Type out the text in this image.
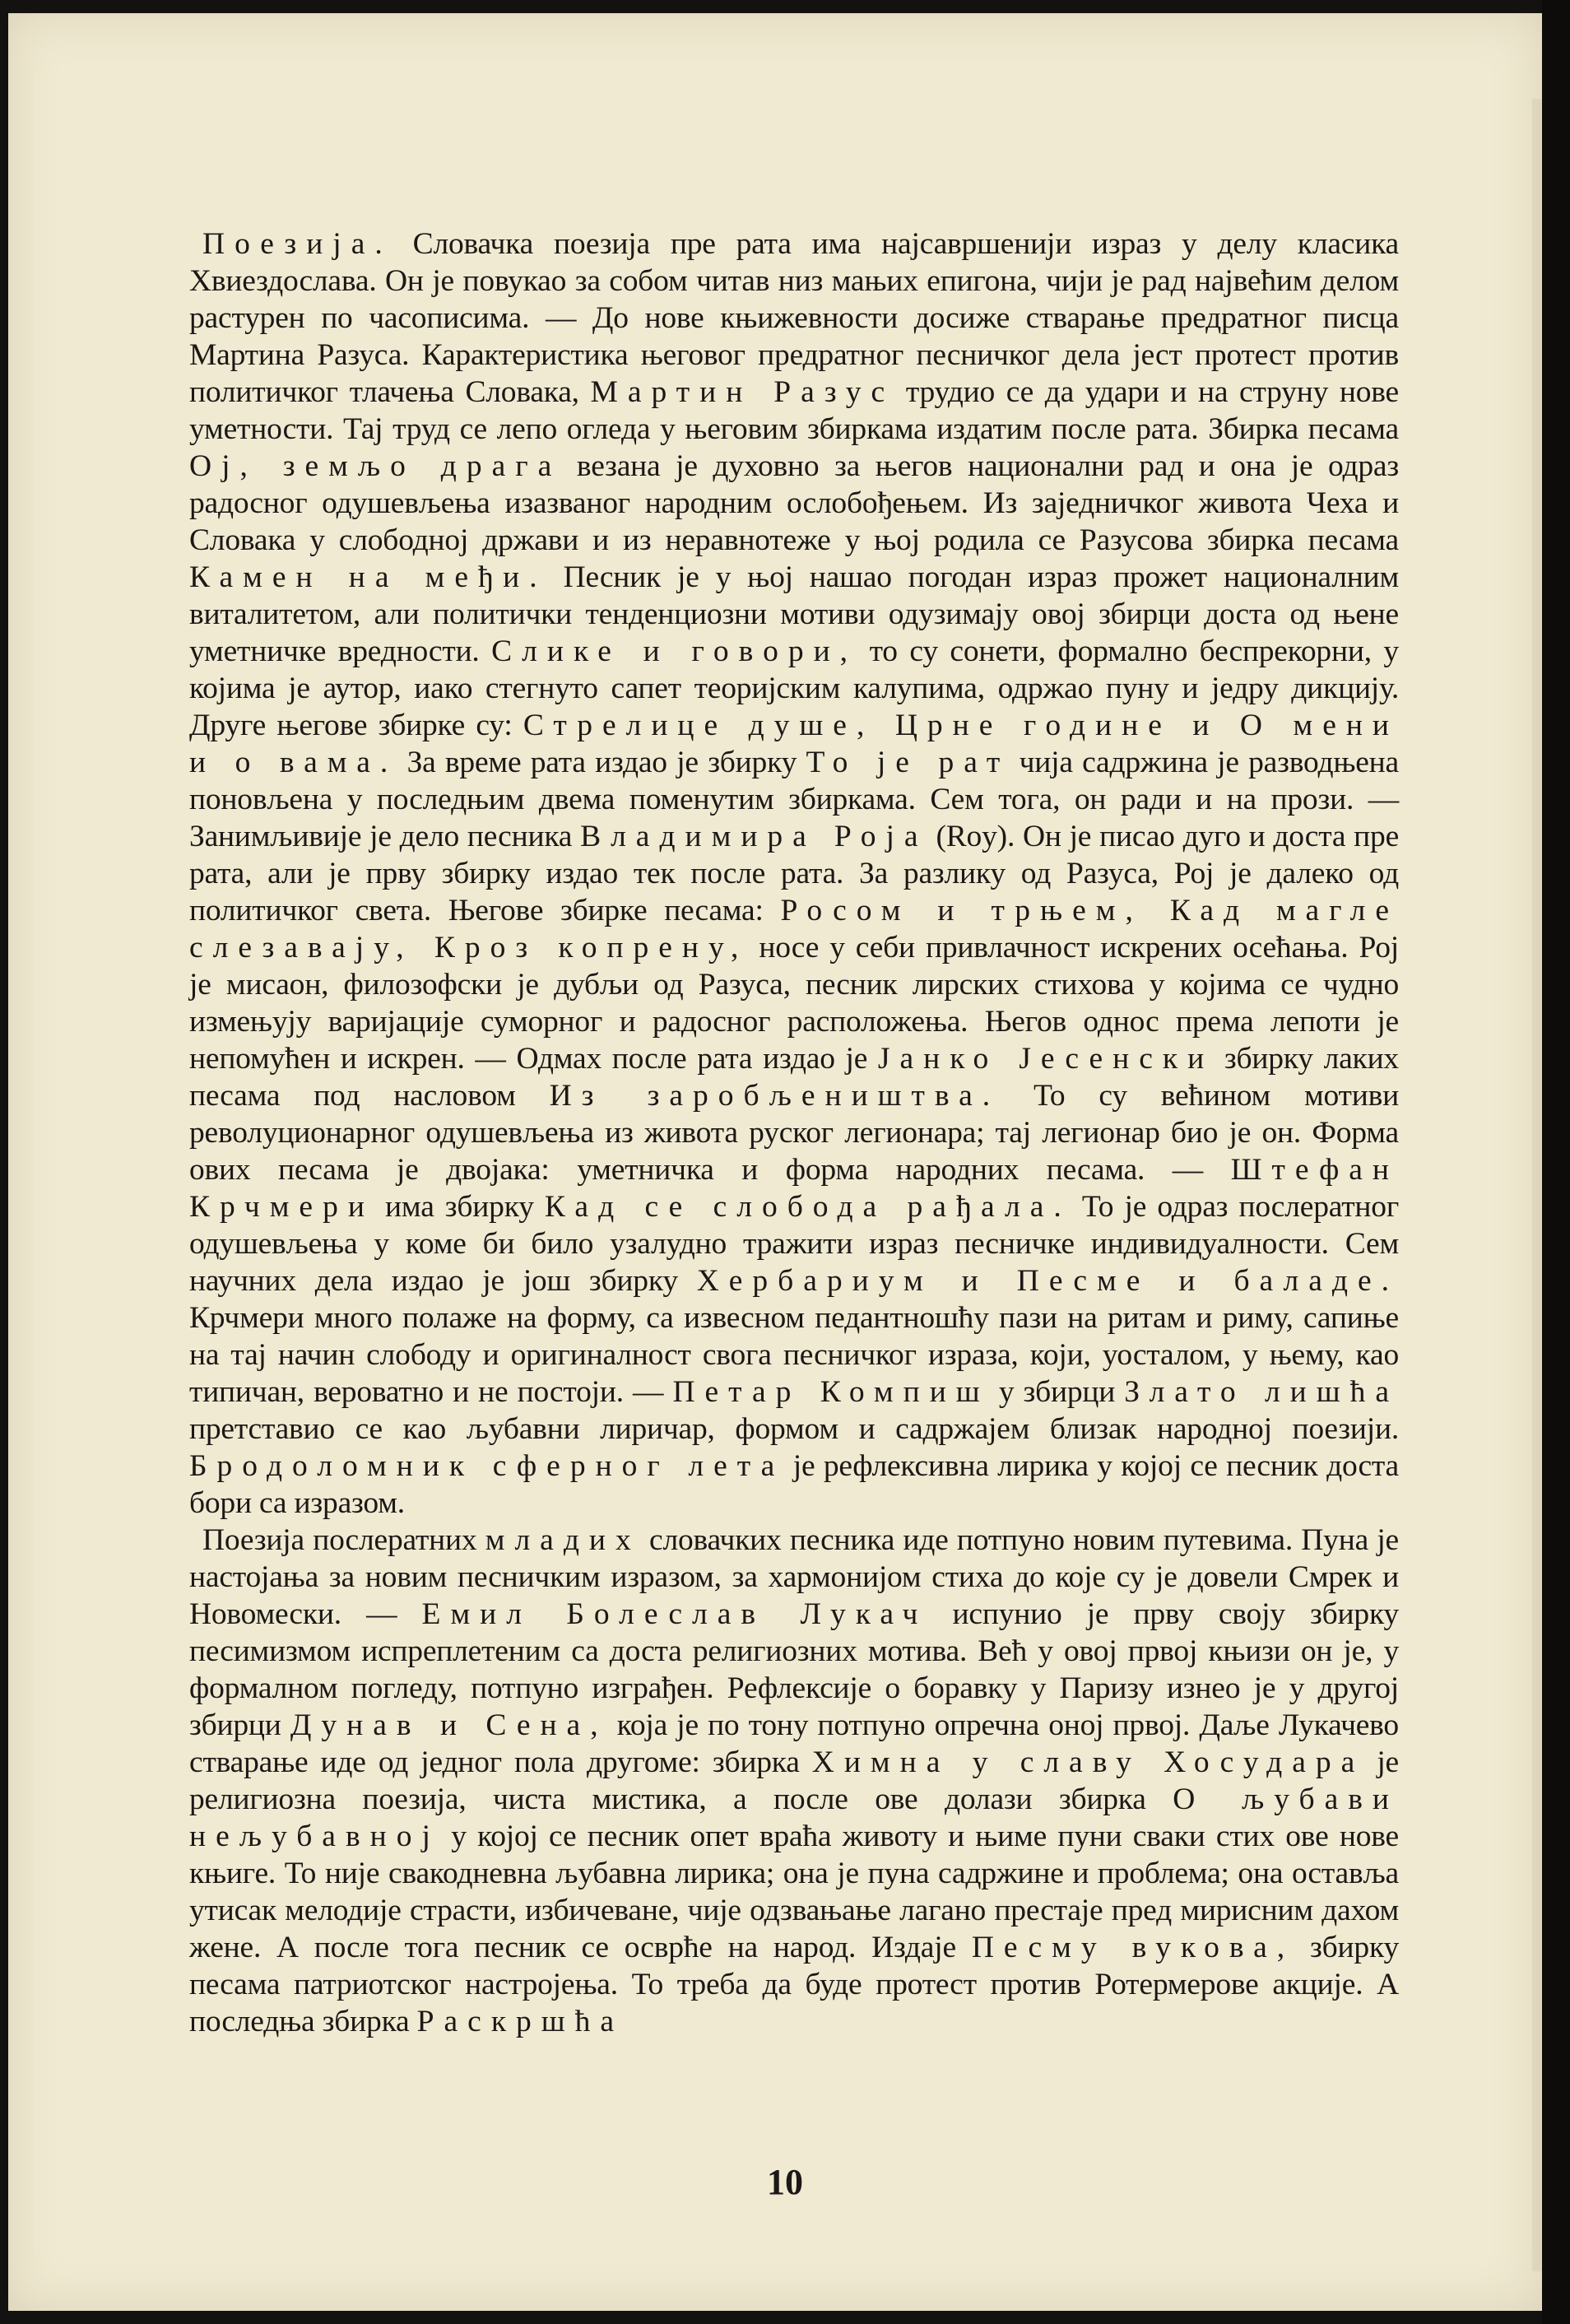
Поезија. Словачка поезија пре рата има најсавршенији израз у делу класика Хвиездослава. Он је повукао за собом читав низ мањих епигона, чији је рад највећим делом растурен по часописима. — До нове књижевности досиже стварање предратног писца Мартина Разуса. Карактеристика његовог предратног песничког дела јест протест против политичког тлачења Словака, Мартин Разус трудио се да удари и на струну нове уметности. Тај труд се лепо огледа у његовим збиркама издатим после рата. Збирка песама Ој, земљо драга везана је духовно за његов национални рад и она је одраз радосног одушевљења изазваног народним ослобођењем. Из заједничког живота Чеха и Словака у слободној држави и из неравнотеже у њој родила се Разусова збирка песама Камен на међи. Песник је у њој нашао погодан израз прожет националним виталитетом, али политички тенденциозни мотиви одузимају овој збирци доста од њене уметничке вредности. Слике и говори, то су сонети, формално беспрекорни, у којима је аутор, иако стегнуто сапет теоријским калупима, одржао пуну и једру дикцију. Друге његове збирке су: Стрелице душе, Црне године и О мени и о вама. За време рата издао је збирку То је рат чија садржина је разводњена поновљена у последњим двема поменутим збиркама. Сем тога, он ради и на прози. — Занимљивије је дело песника Владимира Роја (Roy). Он је писао дуго и доста пре рата, али је прву збирку издао тек после рата. За разлику од Разуса, Рој је далеко од политичког света. Његове збирке песама: Росом и трњем, Кад магле слезавају, Кроз копрену, носе у себи привлачност искрених осећања. Рој је мисаон, филозофски је дубљи од Разуса, песник лирских стихова у којима се чудно измењују варијације суморног и радосног расположења. Његов однос према лепоти је непомућен и искрен. — Одмах после рата издао је Јанко Јесенски збирку лаких песама под насловом Из заробљеништва. То су већином мотиви револуционарног одушевљења из живота руског легионара; тај легионар био је он. Форма ових песама је двојака: уметничка и форма народних песама. — Штефан Крчмери има збирку Кад се слобода рађала. То је одраз послератног одушевљења у коме би било узалудно тражити израз песничке индивидуалности. Сем научних дела издао је још збирку Хербариум и Песме и баладе. Крчмери много полаже на форму, са извесном педантношћу пази на ритам и риму, сапиње на тај начин слободу и оригиналност свога песничког израза, који, уосталом, у њему, као типичан, вероватно и не постоји. — Петар Компиш у збирци Злато лишћа претставио се као љубавни лиричар, формом и садржајем близак народној поезији. Бродоломник сферног лета је рефлексивна лирика у којој се песник доста бори са изразом.

Поезија послератних младих словачких песника иде потпуно новим путевима. Пуна је настојања за новим песничким изразом, за хармонијом стиха до које су је довели Смрек и Новомески. — Емил Болеслав Лукач испунио је прву своју збирку песимизмом испреплетеним са доста религиозних мотива. Већ у овој првој књизи он је, у формалном погледу, потпуно изграђен. Рефлексије о боравку у Паризу изнео је у другој збирци Дунав и Сена, која је по тону потпуно опречна оној првој. Даље Лукачево стварање иде од једног пола другоме: збирка Химна у славу Хосудара је религиозна поезија, чиста мистика, а после ове долази збирка О љубави нељубавној у којој се песник опет враћа животу и њиме пуни сваки стих ове нове књиге. То није свакодневна љубавна лирика; она је пуна садржине и проблема; она оставља утисак мелодије страсти, избичеване, чије одзвањање лагано престаје пред мирисним дахом жене. А после тога песник се осврће на народ. Издаје Песму вукова, збирку песама патриотског настројења. То треба да буде протест против Ротермерове акције. А последња збирка Раскршћа

10
